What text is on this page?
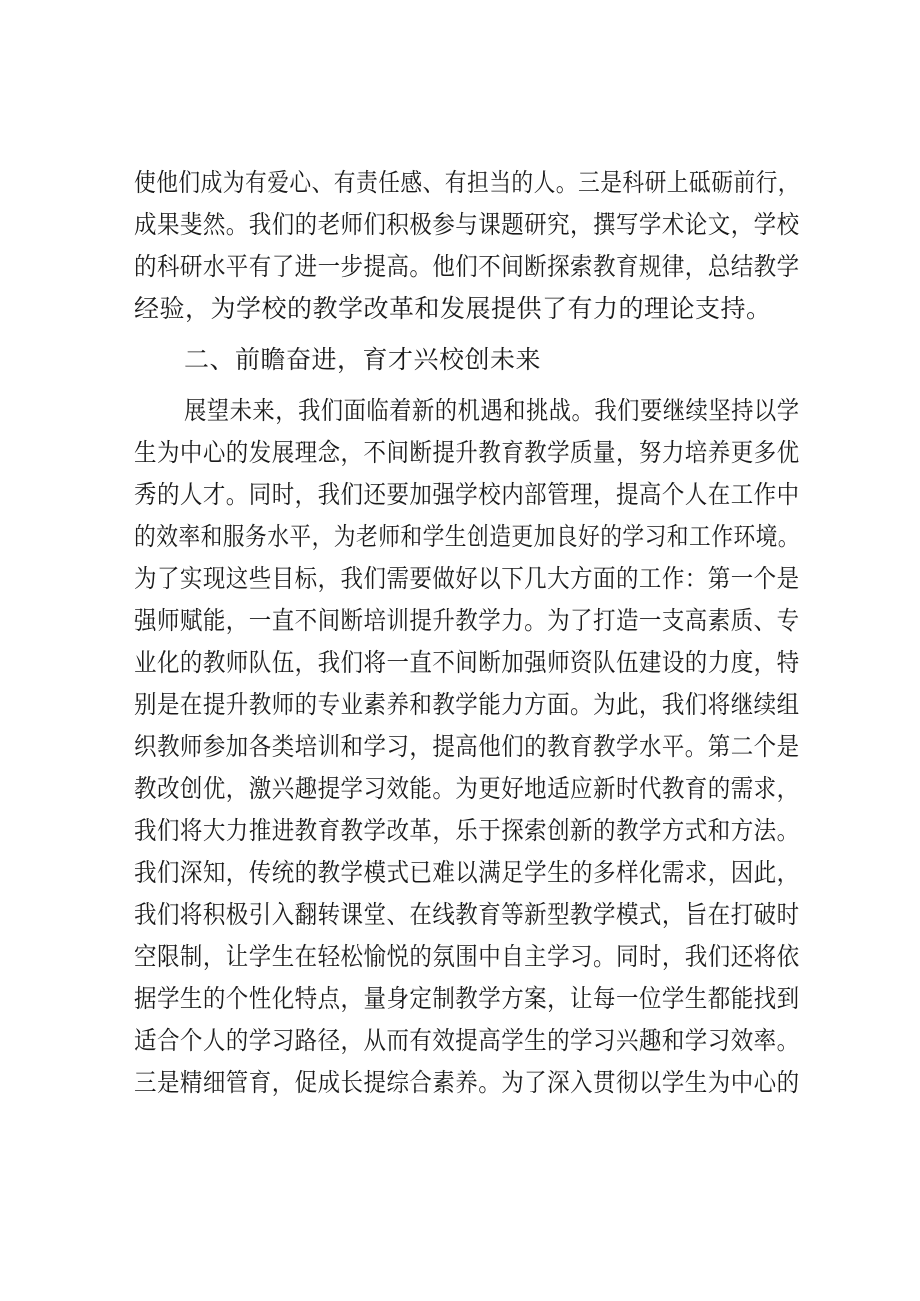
使他们成为有爱心、有责任感、有担当的人。三是科研上砥砺前行，
成果斐然。我们的老师们积极参与课题研究，撰写学术论文，学校
的科研水平有了进一步提高。他们不间断探索教育规律，总结教学
经验，为学校的教学改革和发展提供了有力的理论支持。
二、前瞻奋进，育才兴校创未来
展望未来，我们面临着新的机遇和挑战。我们要继续坚持以学
生为中心的发展理念，不间断提升教育教学质量，努力培养更多优
秀的人才。同时，我们还要加强学校内部管理，提高个人在工作中
的效率和服务水平，为老师和学生创造更加良好的学习和工作环境。
为了实现这些目标，我们需要做好以下几大方面的工作：第一个是
强师赋能，一直不间断培训提升教学力。为了打造一支高素质、专
业化的教师队伍，我们将一直不间断加强师资队伍建设的力度，特
别是在提升教师的专业素养和教学能力方面。为此，我们将继续组
织教师参加各类培训和学习，提高他们的教育教学水平。第二个是
教改创优，激兴趣提学习效能。为更好地适应新时代教育的需求，
我们将大力推进教育教学改革，乐于探索创新的教学方式和方法。
我们深知，传统的教学模式已难以满足学生的多样化需求，因此，
我们将积极引入翻转课堂、在线教育等新型教学模式，旨在打破时
空限制，让学生在轻松愉悦的氛围中自主学习。同时，我们还将依
据学生的个性化特点，量身定制教学方案，让每一位学生都能找到
适合个人的学习路径，从而有效提高学生的学习兴趣和学习效率。
三是精细管育，促成长提综合素养。为了深入贯彻以学生为中心的
